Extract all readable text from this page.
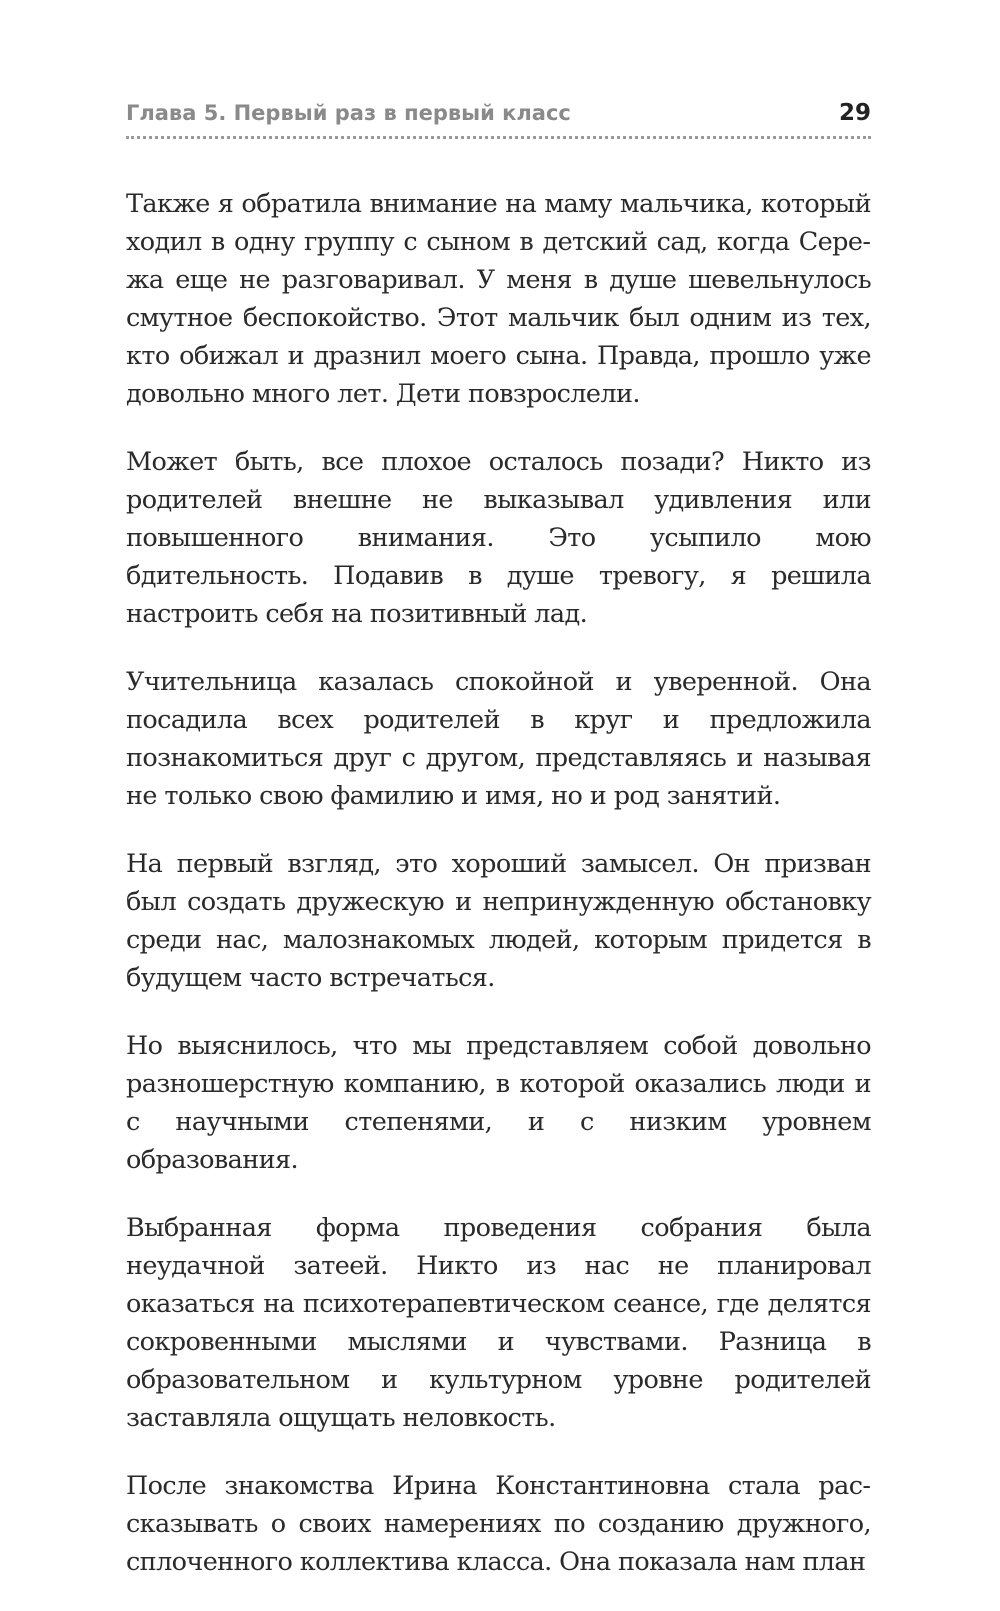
Глава 5. Первый раз в первый класс	29

Также я обратила внимание на маму мальчика, который ходил в одну группу с сыном в детский сад, когда Сережа еще не разговаривал. У меня в душе шевельнулось смутное беспокойство. Этот мальчик был одним из тех, кто обижал и дразнил моего сына. Правда, прошло уже довольно много лет. Дети повзрослели.

Может быть, все плохое осталось позади? Никто из родителей внешне не выказывал удивления или повышенного внимания. Это усыпило мою бдительность. Подавив в душе тревогу, я решила настроить себя на позитивный лад.

Учительница казалась спокойной и уверенной. Она посадила всех родителей в круг и предложила познакомиться друг с другом, представляясь и называя не только свою фамилию и имя, но и род занятий.

На первый взгляд, это хороший замысел. Он призван был создать дружескую и непринужденную обстановку среди нас, малознакомых людей, которым придется в будущем часто встречаться.

Но выяснилось, что мы представляем собой довольно разношерстную компанию, в которой оказались люди и с научными степенями, и с низким уровнем образования.

Выбранная форма проведения собрания была неудачной затеей. Никто из нас не планировал оказаться на психотерапевтическом сеансе, где делятся сокровенными мыслями и чувствами. Разница в образовательном и культурном уровне родителей заставляла ощущать неловкость.

После знакомства Ирина Константиновна стала рассказывать о своих намерениях по созданию дружного, сплоченного коллектива класса. Она показала нам план
